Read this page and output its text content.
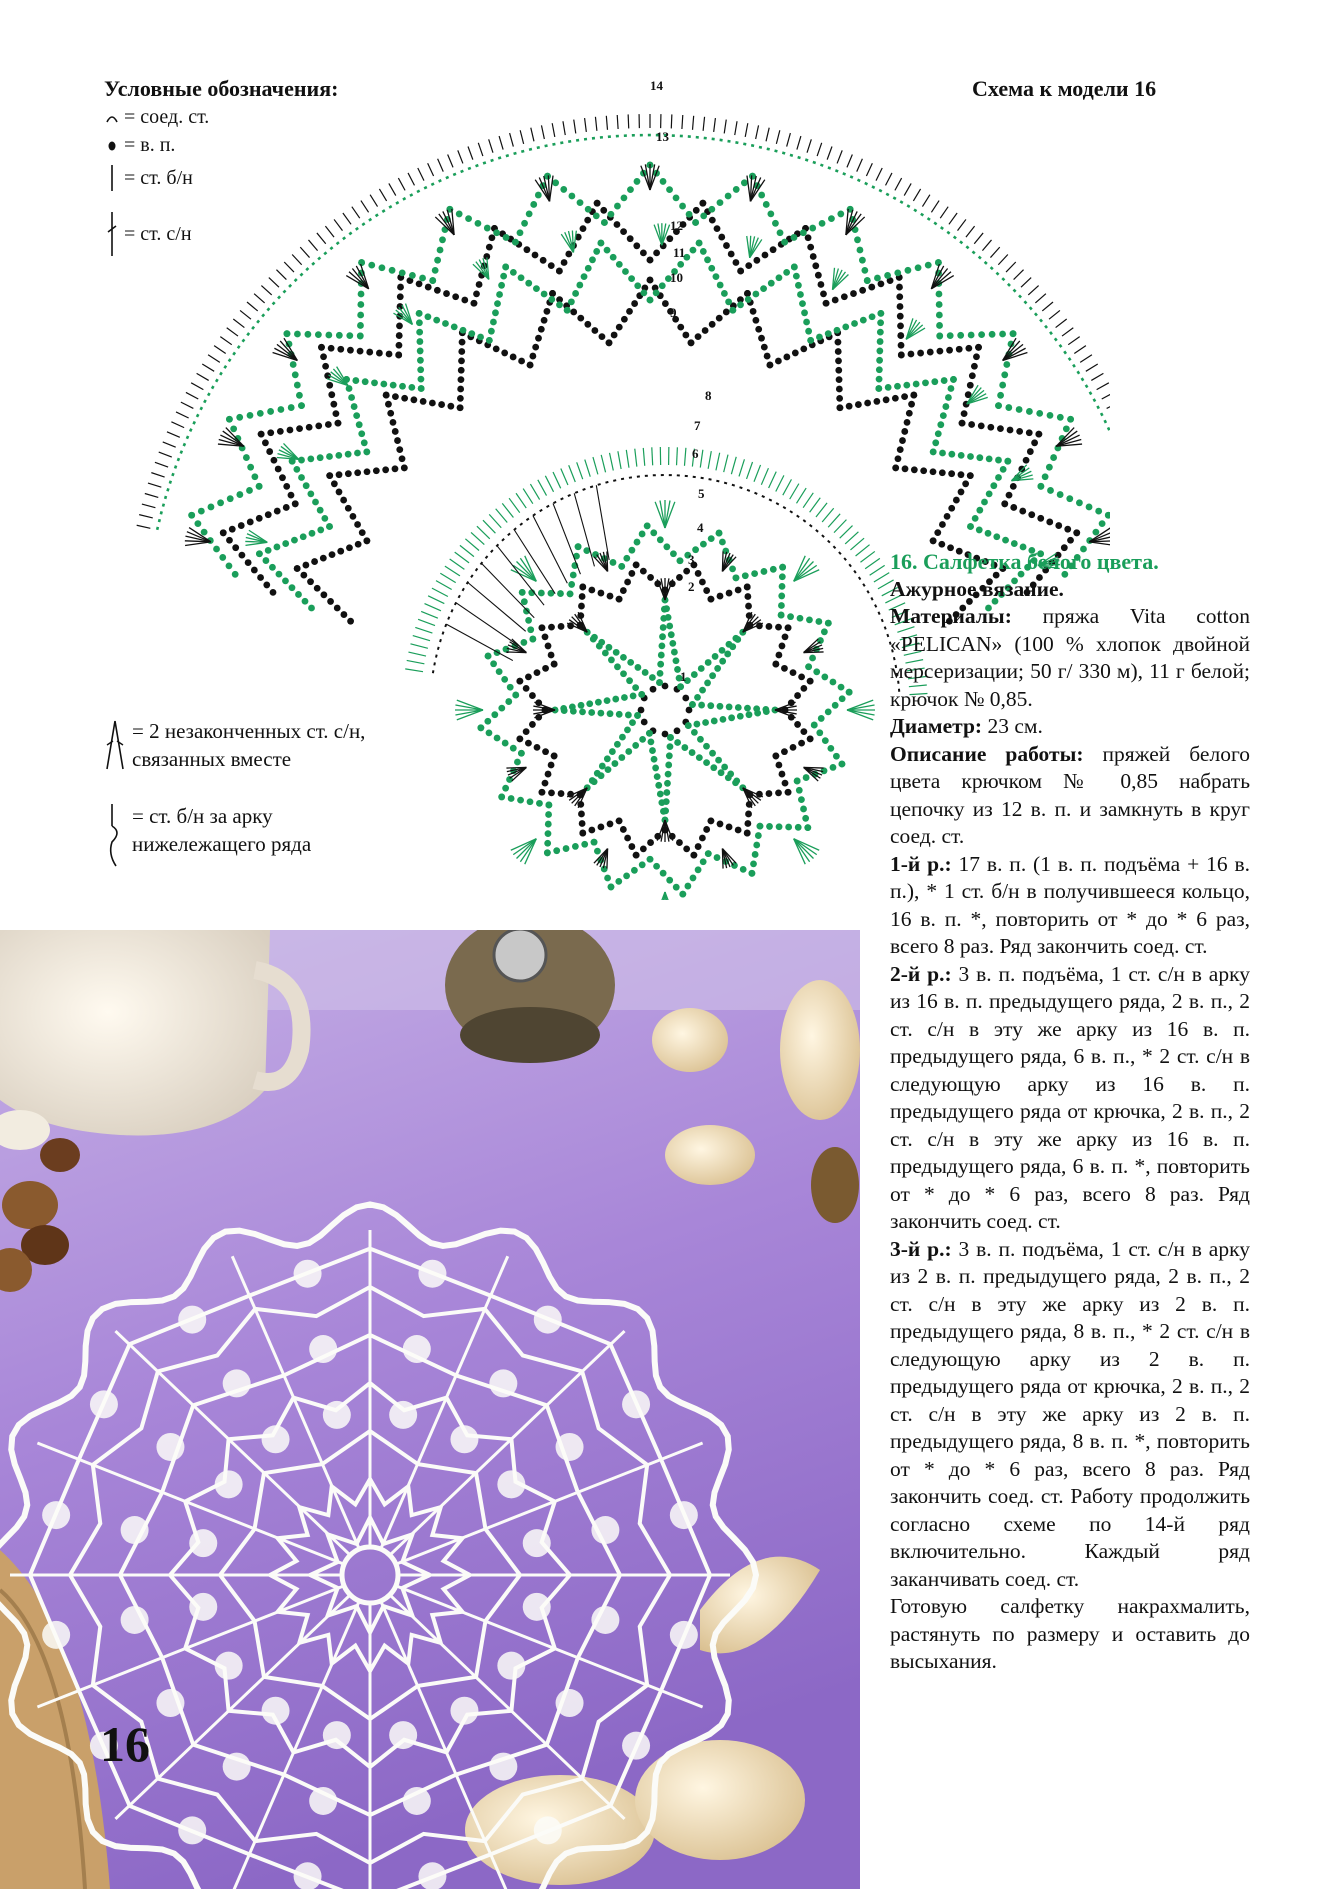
Условные обозначения:	Схема к модели 16
= соед. ст.
= в. п.
= ст. б/н
= ст. с/н
= 2 незаконченных ст. с/н,
связанных вместе
= ст. б/н за арку
нижележащего ряда
1
2
3
4
5
6
7
8
9
10
11
12
13
14
16

16. Салфетка белого цвета.

Ажурное вязание.

Материалы: пряжа Vita cotton «PELICAN» (100 % хлопок двойной мерсеризации; 50 г/ 330 м), 11 г белой; крючок № 0,85.

Диаметр: 23 см.

Описание работы: пряжей белого цвета крючком № 0,85 набрать цепочку из 12 в. п. и замкнуть в круг соед. ст.

1-й р.: 17 в. п. (1 в. п. подъёма + 16 в. п.), * 1 ст. б/н в получившееся кольцо, 16 в. п. *, повторить от * до * 6 раз, всего 8 раз. Ряд закончить соед. ст.

2-й р.: 3 в. п. подъёма, 1 ст. с/н в арку из 16 в. п. предыдущего ряда, 2 в. п., 2 ст. с/н в эту же арку из 16 в. п. предыдущего ряда, 6 в. п., * 2 ст. с/н в следующую арку из 16 в. п. предыдущего ряда от крючка, 2 в. п., 2 ст. с/н в эту же арку из 16 в. п. предыдущего ряда, 6 в. п. *, повторить от * до * 6 раз, всего 8 раз. Ряд закончить соед. ст.

3-й р.: 3 в. п. подъёма, 1 ст. с/н в арку из 2 в. п. предыдущего ряда, 2 в. п., 2 ст. с/н в эту же арку из 2 в. п. предыдущего ряда, 8 в. п., * 2 ст. с/н в следующую арку из 2 в. п. предыдущего ряда от крючка, 2 в. п., 2 ст. с/н в эту же арку из 2 в. п. предыдущего ряда, 8 в. п. *, повторить от * до * 6 раз, всего 8 раз. Ряд закончить соед. ст. Работу продолжить согласно схеме по 14-й ряд включительно. Каждый ряд заканчивать соед. ст.

Готовую салфетку накрахмалить, растянуть по размеру и оставить до высыхания.
